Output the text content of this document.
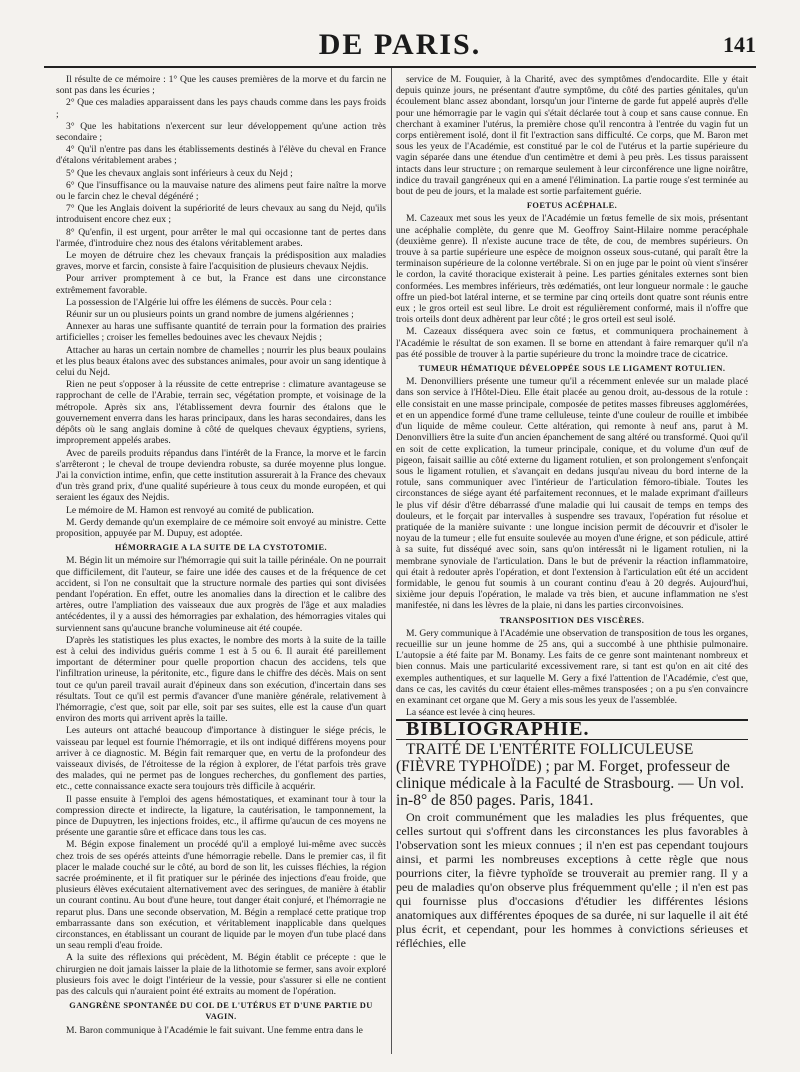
DE PARIS.	141

Il résulte de ce mémoire : 1° Que les causes premières de la morve et du farcin ne sont pas dans les écuries ;

2° Que ces maladies apparaissent dans les pays chauds comme dans les pays froids ;

3° Que les habitations n'exercent sur leur développement qu'une action très secondaire ;

4° Qu'il n'entre pas dans les établissements destinés à l'élève du cheval en France d'étalons véritablement arabes ;

5° Que les chevaux anglais sont inférieurs à ceux du Nejd ;

6° Que l'insuffisance ou la mauvaise nature des alimens peut faire naître la morve ou le farcin chez le cheval dégénéré ;

7° Que les Anglais doivent la supériorité de leurs chevaux au sang du Nejd, qu'ils introduisent encore chez eux ;

8° Qu'enfin, il est urgent, pour arrêter le mal qui occasionne tant de pertes dans l'armée, d'introduire chez nous des étalons véritablement arabes.

Le moyen de détruire chez les chevaux français la prédisposition aux maladies graves, morve et farcin, consiste à faire l'acquisition de plusieurs chevaux Nejdis.

Pour arriver promptement à ce but, la France est dans une circonstance extrêmement favorable.

La possession de l'Algérie lui offre les élémens de succès. Pour cela :

Réunir sur un ou plusieurs points un grand nombre de jumens algériennes ;

Annexer au haras une suffisante quantité de terrain pour la formation des prairies artificielles ; croiser les femelles bedouines avec les chevaux Nejdis ;

Attacher au haras un certain nombre de chamelles ; nourrir les plus beaux poulains et les plus beaux étalons avec des substances animales, pour avoir un sang identique à celui du Nejd.

Rien ne peut s'opposer à la réussite de cette entreprise : climature avantageuse se rapprochant de celle de l'Arabie, terrain sec, végétation prompte, et voisinage de la métropole. Après six ans, l'établissement devra fournir des étalons que le gouvernement enverra dans les haras principaux, dans les haras secondaires, dans les dépôts où le sang anglais domine à côté de quelques chevaux égyptiens, syriens, improprement appelés arabes.

Avec de pareils produits répandus dans l'intérêt de la France, la morve et le farcin s'arrêteront ; le cheval de troupe deviendra robuste, sa durée moyenne plus longue. J'ai la conviction intime, enfin, que cette institution assurerait à la France des chevaux d'un très grand prix, d'une qualité supérieure à tous ceux du monde européen, et qui seraient les égaux des Nejdis.

Le mémoire de M. Hamon est renvoyé au comité de publication.

M. Gerdy demande qu'un exemplaire de ce mémoire soit envoyé au ministre. Cette proposition, appuyée par M. Dupuy, est adoptée.

HÉMORRAGIE A LA SUITE DE LA CYSTOTOMIE.

M. Bégin lit un mémoire sur l'hémorragie qui suit la taille périnéale. On ne pourrait que difficilement, dit l'auteur, se faire une idée des causes et de la fréquence de cet accident, si l'on ne consultait que la structure normale des parties qui sont divisées pendant l'opération. En effet, outre les anomalies dans la direction et le calibre des artères, outre l'ampliation des vaisseaux due aux progrès de l'âge et aux maladies antécédentes, il y a aussi des hémorragies par exhalation, des hémorragies vitales qui surviennent sans qu'aucune branche volumineuse ait été coupée.

D'après les statistiques les plus exactes, le nombre des morts à la suite de la taille est à celui des individus guéris comme 1 est à 5 ou 6. Il aurait été pareillement important de déterminer pour quelle proportion chacun des accidens, tels que l'infiltration urineuse, la péritonite, etc., figure dans le chiffre des décès. Mais on sent tout ce qu'un pareil travail aurait d'épineux dans son exécution, d'incertain dans ses résultats. Tout ce qu'il est permis d'avancer d'une manière générale, relativement à l'hémorragie, c'est que, soit par elle, soit par ses suites, elle est la cause d'un quart environ des morts qui arrivent après la taille.

Les auteurs ont attaché beaucoup d'importance à distinguer le siége précis, le vaisseau par lequel est fournie l'hémorragie, et ils ont indiqué différens moyens pour arriver à ce diagnostic. M. Bégin fait remarquer que, en vertu de la profondeur des vaisseaux divisés, de l'étroitesse de la région à explorer, de l'état parfois très grave des malades, qui ne permet pas de longues recherches, du gonflement des parties, etc., cette connaissance exacte sera toujours très difficile à acquérir.

Il passe ensuite à l'emploi des agens hémostatiques, et examinant tour à tour la compression directe et indirecte, la ligature, la cautérisation, le tamponnement, la pince de Dupuytren, les injections froides, etc., il affirme qu'aucun de ces moyens ne présente une garantie sûre et efficace dans tous les cas.

M. Bégin expose finalement un procédé qu'il a employé lui-même avec succès chez trois de ses opérés atteints d'une hémorragie rebelle. Dans le premier cas, il fit placer le malade couché sur le côté, au bord de son lit, les cuisses fléchies, la région sacrée proéminente, et il fit pratiquer sur le périnée des injections d'eau froide, que plusieurs élèves exécutaient alternativement avec des seringues, de manière à établir un courant continu. Au bout d'une heure, tout danger était conjuré, et l'hémorragie ne reparut plus. Dans une seconde observation, M. Bégin a remplacé cette pratique trop embarrassante dans son exécution, et véritablement inapplicable dans quelques circonstances, en établissant un courant de liquide par le moyen d'un tube placé dans un seau rempli d'eau froide.

A la suite des réflexions qui précèdent, M. Bégin établit ce précepte : que le chirurgien ne doit jamais laisser la plaie de la lithotomie se fermer, sans avoir exploré plusieurs fois avec le doigt l'intérieur de la vessie, pour s'assurer si elle ne contient pas des calculs qui n'auraient point été extraits au moment de l'opération.

GANGRÈNE SPONTANÉE DU COL DE L'UTÉRUS ET D'UNE PARTIE DU VAGIN.

M. Baron communique à l'Académie le fait suivant. Une femme entra dans le

service de M. Fouquier, à la Charité, avec des symptômes d'endocardite. Elle y était depuis quinze jours, ne présentant d'autre symptôme, du côté des parties génitales, qu'un écoulement blanc assez abondant, lorsqu'un jour l'interne de garde fut appelé auprès d'elle pour une hémorragie par le vagin qui s'était déclarée tout à coup et sans cause connue. En cherchant à examiner l'utérus, la première chose qu'il rencontra à l'entrée du vagin fut un corps entièrement isolé, dont il fit l'extraction sans difficulté. Ce corps, que M. Baron met sous les yeux de l'Académie, est constitué par le col de l'utérus et la partie supérieure du vagin séparée dans une étendue d'un centimètre et demi à peu près. Les tissus paraissent intacts dans leur structure ; on remarque seulement à leur circonférence une ligne noirâtre, indice du travail gangréneux qui en a amené l'élimination. La partie rouge s'est terminée au bout de peu de jours, et la malade est sortie parfaitement guérie.

FOETUS ACÉPHALE.

M. Cazeaux met sous les yeux de l'Académie un fœtus femelle de six mois, présentant une acéphalie complète, du genre que M. Geoffroy Saint-Hilaire nomme peracéphale (deuxième genre). Il n'existe aucune trace de tête, de cou, de membres supérieurs. On trouve à sa partie supérieure une espèce de moignon osseux sous-cutané, qui paraît être la terminaison supérieure de la colonne vertébrale. Si on en juge par le point où vient s'insérer le cordon, la cavité thoracique existerait à peine. Les parties génitales externes sont bien conformées. Les membres inférieurs, très œdématiés, ont leur longueur normale : le gauche offre un pied-bot latéral interne, et se termine par cinq orteils dont quatre sont réunis entre eux ; le gros orteil est seul libre. Le droit est régulièrement conformé, mais il n'offre que trois orteils dont deux adhèrent par leur côté ; le gros orteil est seul isolé.

M. Cazeaux disséquera avec soin ce fœtus, et communiquera prochainement à l'Académie le résultat de son examen. Il se borne en attendant à faire remarquer qu'il n'a pas été possible de trouver à la partie supérieure du tronc la moindre trace de cicatrice.

TUMEUR HÉMATIQUE DÉVELOPPÉE SOUS LE LIGAMENT ROTULIEN.

M. Denonvilliers présente une tumeur qu'il a récemment enlevée sur un malade placé dans son service à l'Hôtel-Dieu. Elle était placée au genou droit, au-dessous de la rotule : elle consistait en une masse principale, composée de petites masses fibreuses agglomérées, et en un appendice formé d'une trame celluleuse, teinte d'une couleur de rouille et imbibée d'un liquide de même couleur. Cette altération, qui remonte à neuf ans, parut à M. Denonvilliers être la suite d'un ancien épanchement de sang altéré ou transformé. Quoi qu'il en soit de cette explication, la tumeur principale, conique, et du volume d'un œuf de pigeon, faisait saillie au côté externe du ligament rotulien, et son prolongement s'enfonçait sous le ligament rotulien, et s'avançait en dedans jusqu'au niveau du bord interne de la rotule, sans communiquer avec l'intérieur de l'articulation fémoro-tibiale. Toutes les circonstances de siége ayant été parfaitement reconnues, et le malade exprimant d'ailleurs le plus vif désir d'être débarrassé d'une maladie qui lui causait de temps en temps des douleurs, et le forçait par intervalles à suspendre ses travaux, l'opération fut résolue et pratiquée de la manière suivante : une longue incision permit de découvrir et d'isoler le noyau de la tumeur ; elle fut ensuite soulevée au moyen d'une érigne, et son pédicule, attiré à sa suite, fut disséqué avec soin, sans qu'on intéressât ni le ligament rotulien, ni la membrane synoviale de l'articulation. Dans le but de prévenir la réaction inflammatoire, qui était à redouter après l'opération, et dont l'extension à l'articulation eût été un accident formidable, le genou fut soumis à un courant continu d'eau à 20 degrés. Aujourd'hui, sixième jour depuis l'opération, le malade va très bien, et aucune inflammation ne s'est manifestée, ni dans les lèvres de la plaie, ni dans les parties circonvoisines.

TRANSPOSITION DES VISCÈRES.

M. Gery communique à l'Académie une observation de transposition de tous les organes, recueillie sur un jeune homme de 25 ans, qui a succombé à une phthisie pulmonaire. L'autopsie a été faite par M. Bonamy. Les faits de ce genre sont maintenant nombreux et bien connus. Mais une particularité excessivement rare, si tant est qu'on en ait cité des exemples authentiques, et sur laquelle M. Gery a fixé l'attention de l'Académie, c'est que, dans ce cas, les cavités du cœur étaient elles-mêmes transposées ; on a pu s'en convaincre en examinant cet organe que M. Gery a mis sous les yeux de l'assemblée.

La séance est levée à cinq heures.

BIBLIOGRAPHIE.

TRAITÉ DE L'ENTÉRITE FOLLICULEUSE (FIÈVRE TYPHOÏDE) ; par M. Forget, professeur de clinique médicale à la Faculté de Strasbourg. — Un vol. in-8° de 850 pages. Paris, 1841.

On croit communément que les maladies les plus fréquentes, que celles surtout qui s'offrent dans les circonstances les plus favorables à l'observation sont les mieux connues ; il n'en est pas cependant toujours ainsi, et parmi les nombreuses exceptions à cette règle que nous pourrions citer, la fièvre typhoïde se trouverait au premier rang. Il y a peu de maladies qu'on observe plus fréquemment qu'elle ; il n'en est pas qui fournisse plus d'occasions d'étudier les différentes lésions anatomiques aux différentes époques de sa durée, ni sur laquelle il ait été plus écrit, et cependant, pour les hommes à convictions sérieuses et réfléchies, elle
